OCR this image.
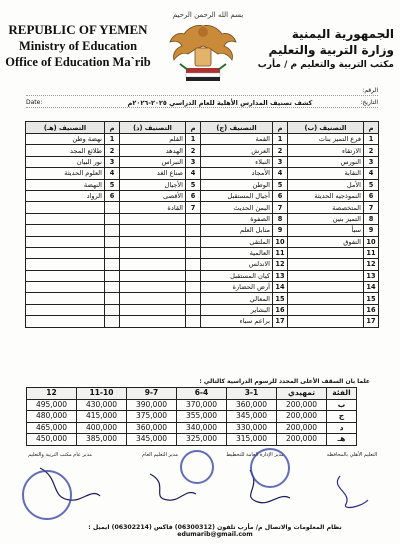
REPUBLIC OF YEMEN
Ministry of Education
Office of Education Ma`rib
بسم الله الرحمن الرحيم
الجمهورية اليمنية
وزارة التربية والتعليم
مكتب التربية والتعليم م / مأرب
الرقم:
Date:	التاريخ:
كشف تصنيف المدارس الأهلية للعام الدراسي ٢٠٢٥-٢٠٢٦م
م	التصنيف (ب)	م	التصنيف (ج)	م	التصنيف (د)	م	التصنيف (هـ)
1	فرع التميز بنات	1	القمة	1	القلم	1	نهضة وطن
2	الارتقاء	2	العرش	2	الهدهد	2	طلائع المجد
3	النورس	3	النبلاء	3	النبراس	3	نور البيان
4	النقابة	4	الأمجاد	4	صناع الغد	4	العلوم الحديثة
5	الأمل	5	الوطن	5	الأجيال	5	النهضة
6	النموذجيه الحديثة	6	أجيال المستقبل	6	الأقصى	6	الرواد
7	المتخصصة	7	اليمن الحديث	7	القادة		
8	التميز بنين	8	الصفوة				
9	سبأ	9	منابل العلم				
10	التفوق	10	الملتقى				
11		11	العالمية				
12		12	الاندلس				
13		13	كيان المستقبل				
14		14	أرض الحضارة				
15		15	المعالي				
16		16	البشاير				
17		17	براعم سباء				
علما بان السقف الأعلى المحدد للرسوم الدراسية كالتالي :
12	11-10	9-7	6-4	3-1	تمهيدي	الفئة
495,000	430,000	390,000	370,000	360,000	200,000	ب
480,000	415,000	375,000	355,000	345,000	200,000	ج
465,000	400,000	360,000	340,000	330,000	200,000	د
450,000	385,000	345,000	325,000	315,000	200,000	هـ
التعليم الأهلي بالمحافظة
مدير الإدارة العامة للتخطيط
مدير التعليم العام
مدير عام مكتب التربية والتعليم
نظام المعلومات والاتصال م/ مأرب تلفون (06300312) فاكس (06302214) ايميل : edumarib@gmail.com
